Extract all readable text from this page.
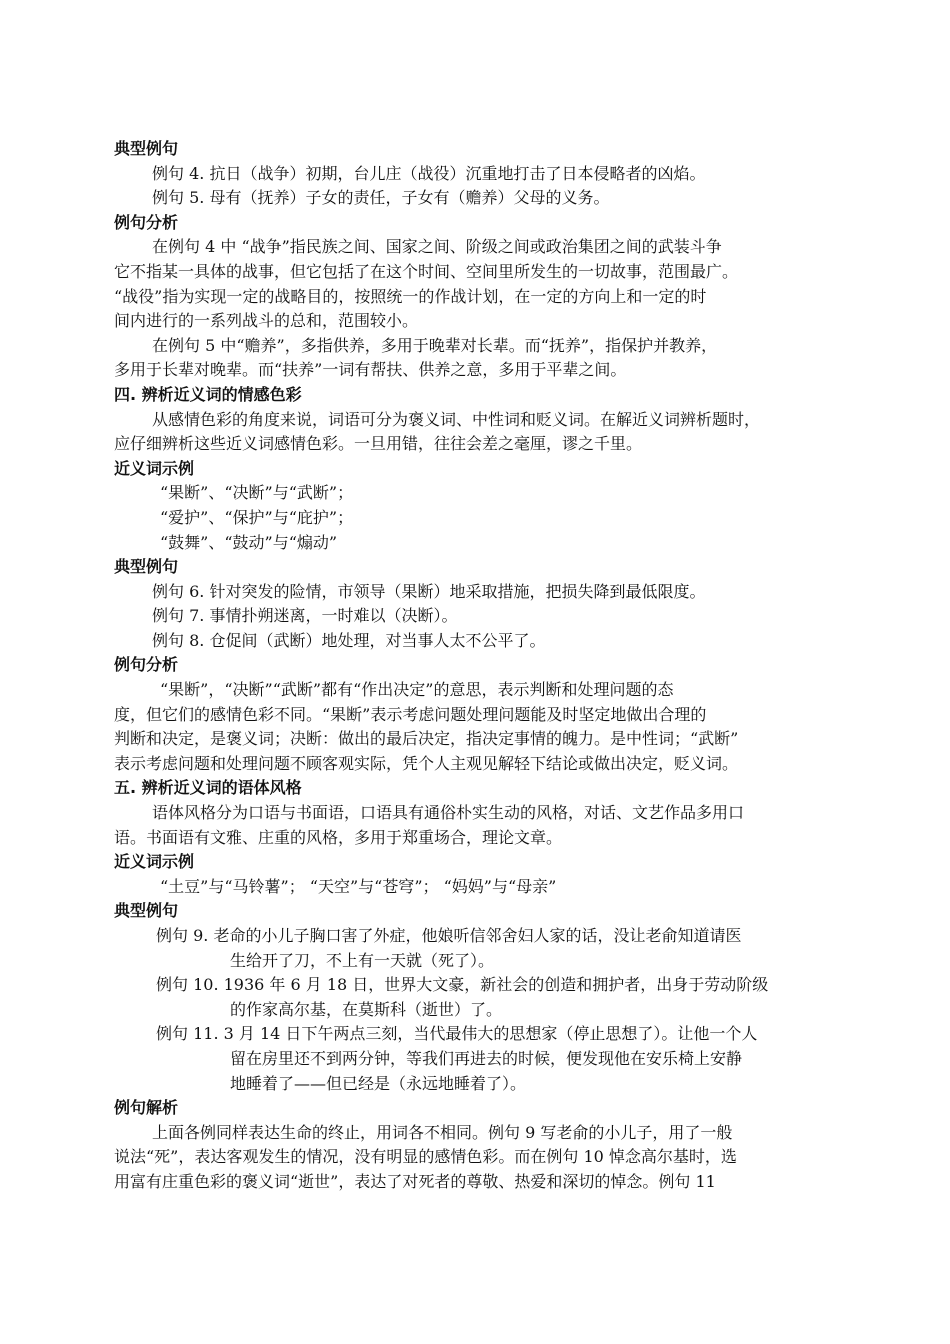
典型例句
例句 4. 抗日（战争）初期，台儿庄（战役）沉重地打击了日本侵略者的凶焰。
例句 5. 母有（抚养）子女的责任，子女有（赡养）父母的义务。
例句分析
在例句 4 中 “战争”指民族之间、国家之间、阶级之间或政治集团之间的武装斗争
它不指某一具体的战事，但它包括了在这个时间、空间里所发生的一切故事，范围最广。
“战役”指为实现一定的战略目的，按照统一的作战计划，在一定的方向上和一定的时
间内进行的一系列战斗的总和，范围较小。
在例句 5 中“赡养”，多指供养，多用于晚辈对长辈。而“抚养”，指保护并教养，
多用于长辈对晚辈。而“扶养”一词有帮扶、供养之意，多用于平辈之间。
四. 辨析近义词的情感色彩
从感情色彩的角度来说，词语可分为褒义词、中性词和贬义词。在解近义词辨析题时，
应仔细辨析这些近义词感情色彩。一旦用错，往往会差之毫厘，谬之千里。
近义词示例
“果断”、“决断”与“武断”；
“爱护”、“保护”与“庇护”；
“鼓舞”、“鼓动”与“煽动”
典型例句
例句 6. 针对突发的险情，市领导（果断）地采取措施，把损失降到最低限度。
例句 7. 事情扑朔迷离，一时难以（决断）。
例句 8. 仓促间（武断）地处理，对当事人太不公平了。
例句分析
“果断”，“决断”“武断”都有“作出决定”的意思，表示判断和处理问题的态
度，但它们的感情色彩不同。“果断”表示考虑问题处理问题能及时坚定地做出合理的
判断和决定，是褒义词；决断：做出的最后决定，指决定事情的魄力。是中性词；“武断”
表示考虑问题和处理问题不顾客观实际，凭个人主观见解轻下结论或做出决定，贬义词。
五. 辨析近义词的语体风格
语体风格分为口语与书面语，口语具有通俗朴实生动的风格，对话、文艺作品多用口
语。书面语有文雅、庄重的风格，多用于郑重场合，理论文章。
近义词示例
“土豆”与“马铃薯”； “天空”与“苍穹”； “妈妈”与“母亲”
典型例句
例句 9. 老命的小儿子胸口害了外症，他娘听信邻舍妇人家的话，没让老俞知道请医
生给开了刀，不上有一天就（死了）。
例句 10. 1936 年 6 月 18 日，世界大文豪，新社会的创造和拥护者，出身于劳动阶级
的作家高尔基，在莫斯科（逝世）了。
例句 11. 3 月 14 日下午两点三刻，当代最伟大的思想家（停止思想了）。让他一个人
留在房里还不到两分钟，等我们再进去的时候，便发现他在安乐椅上安静
地睡着了——但已经是（永远地睡着了）。
例句解析
上面各例同样表达生命的终止，用词各不相同。例句 9 写老俞的小儿子，用了一般
说法“死”，表达客观发生的情况，没有明显的感情色彩。而在例句 10 悼念高尔基时，选
用富有庄重色彩的褒义词“逝世”，表达了对死者的尊敬、热爱和深切的悼念。例句 11
